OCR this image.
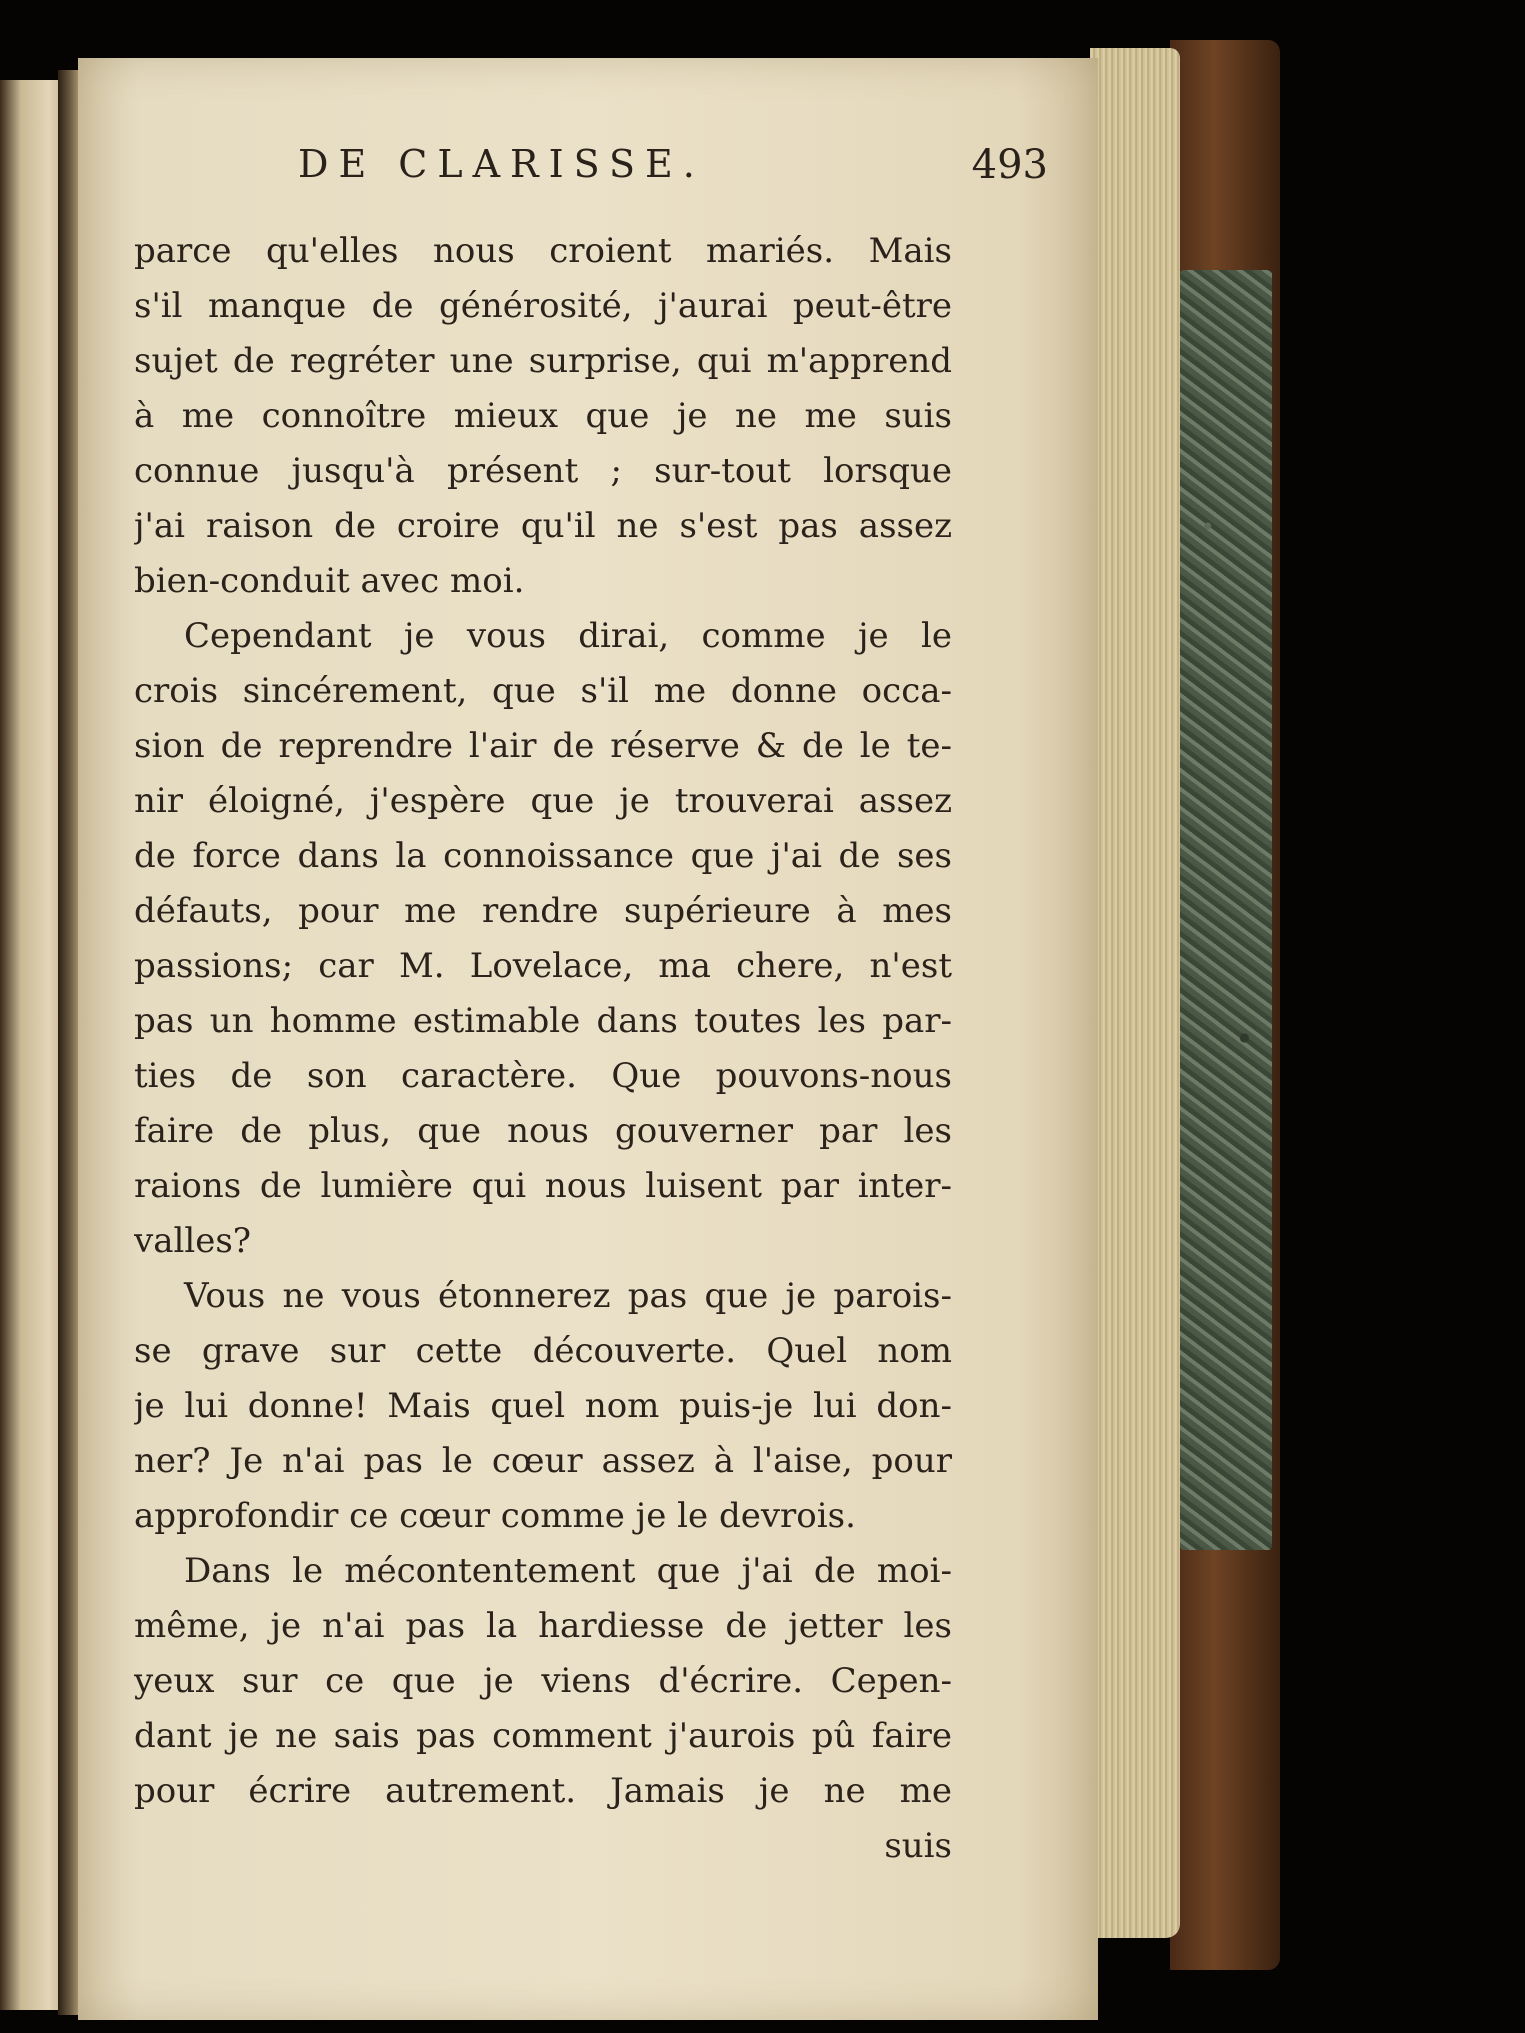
DE CLARISSE.	493
parce qu'elles nous croient mariés. Mais
s'il manque de générosité, j'aurai peut-être
sujet de regréter une surprise, qui m'apprend
à me connoître mieux que je ne me suis
connue jusqu'à présent ; sur-tout lorsque
j'ai raison de croire qu'il ne s'est pas assez
bien-conduit avec moi.
Cependant je vous dirai, comme je le
crois sincérement, que s'il me donne occa-
sion de reprendre l'air de réserve & de le te-
nir éloigné, j'espère que je trouverai assez
de force dans la connoissance que j'ai de ses
défauts, pour me rendre supérieure à mes
passions; car M. Lovelace, ma chere, n'est
pas un homme estimable dans toutes les par-
ties de son caractère. Que pouvons-nous
faire de plus, que nous gouverner par les
raions de lumière qui nous luisent par inter-
valles?
Vous ne vous étonnerez pas que je parois-
se grave sur cette découverte. Quel nom
je lui donne! Mais quel nom puis-je lui don-
ner? Je n'ai pas le cœur assez à l'aise, pour
approfondir ce cœur comme je le devrois.
Dans le mécontentement que j'ai de moi-
même, je n'ai pas la hardiesse de jetter les
yeux sur ce que je viens d'écrire. Cepen-
dant je ne sais pas comment j'aurois pû faire
pour écrire autrement. Jamais je ne me
suis
